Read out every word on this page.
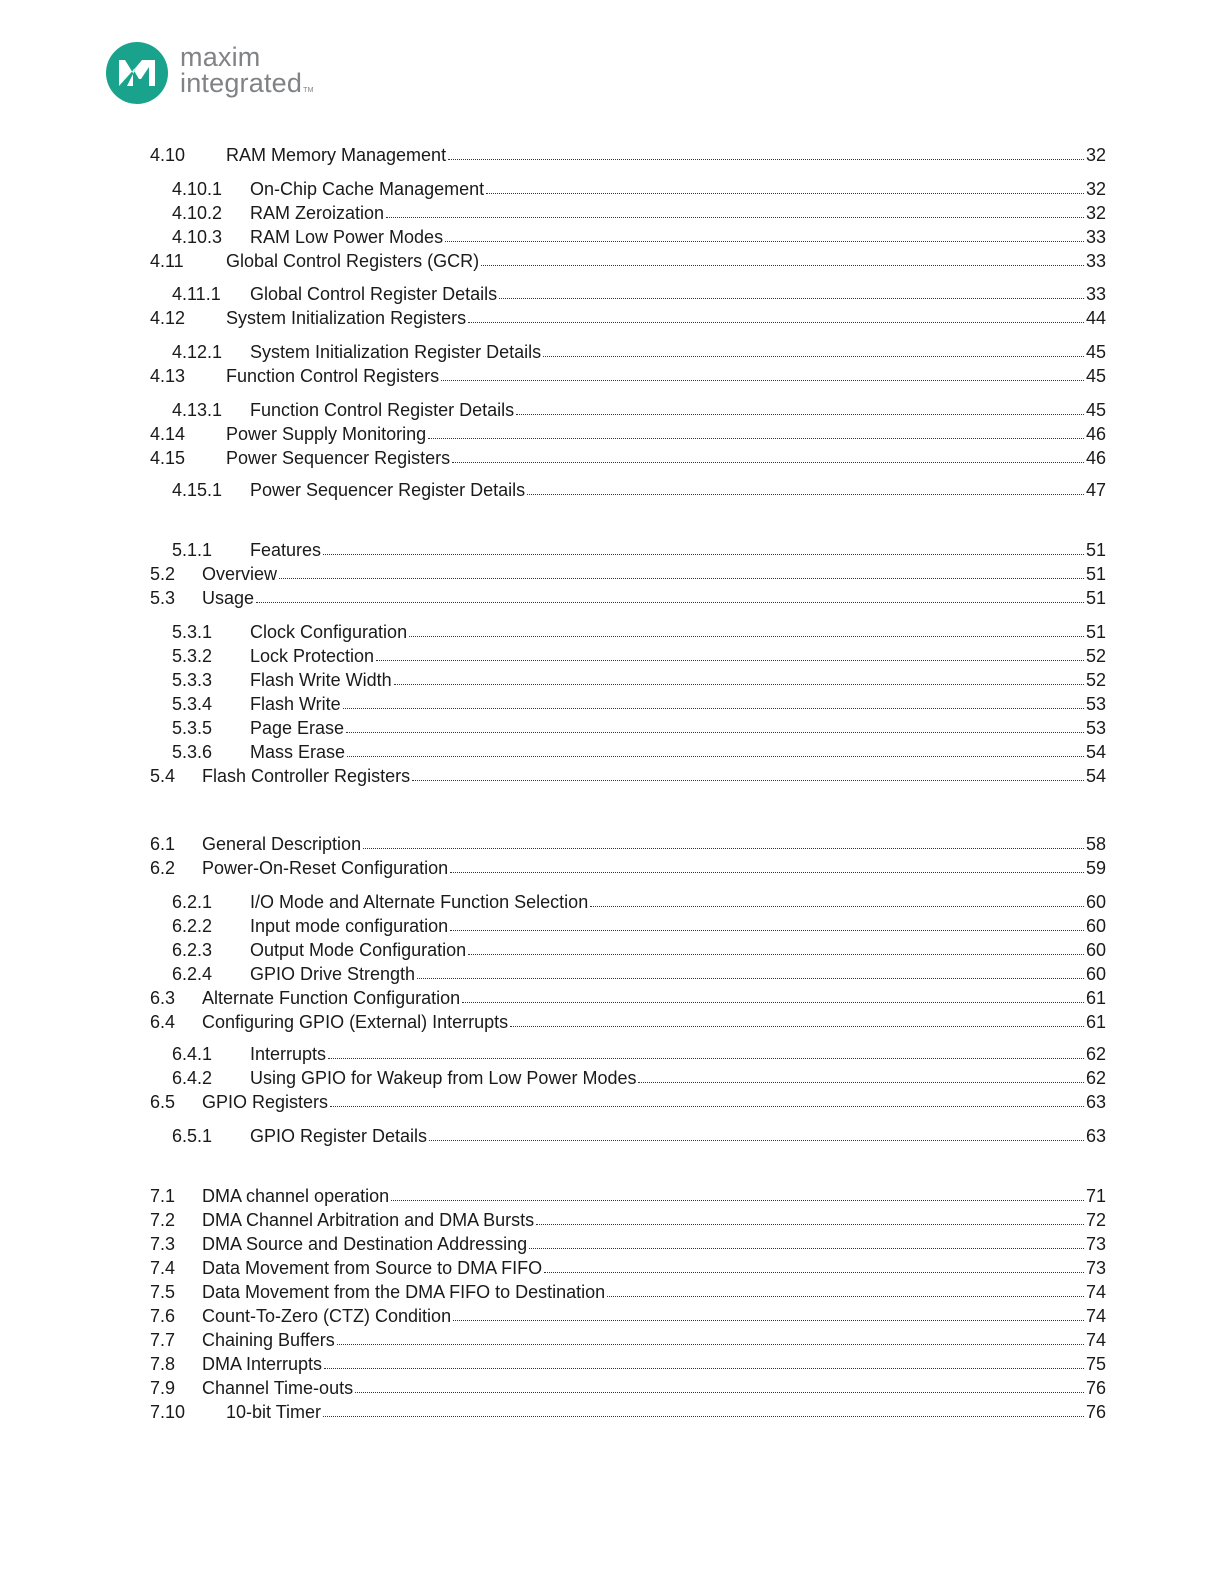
maxim
integratedTM
4.10	RAM Memory Management	32
4.10.1	On-Chip Cache Management	32
4.10.2	RAM Zeroization	32
4.10.3	RAM Low Power Modes	33
4.11	Global Control Registers (GCR)	33
4.11.1	Global Control Register Details	33
4.12	System Initialization Registers	44
4.12.1	System Initialization Register Details	45
4.13	Function Control Registers	45
4.13.1	Function Control Register Details	45
4.14	Power Supply Monitoring	46
4.15	Power Sequencer Registers	46
4.15.1	Power Sequencer Register Details	47
5.1.1	Features	51
5.2	Overview	51
5.3	Usage	51
5.3.1	Clock Configuration	51
5.3.2	Lock Protection	52
5.3.3	Flash Write Width	52
5.3.4	Flash Write	53
5.3.5	Page Erase	53
5.3.6	Mass Erase	54
5.4	Flash Controller Registers	54
6.1	General Description	58
6.2	Power-On-Reset Configuration	59
6.2.1	I/O Mode and Alternate Function Selection	60
6.2.2	Input mode configuration	60
6.2.3	Output Mode Configuration	60
6.2.4	GPIO Drive Strength	60
6.3	Alternate Function Configuration	61
6.4	Configuring GPIO (External) Interrupts	61
6.4.1	Interrupts	62
6.4.2	Using GPIO for Wakeup from Low Power Modes	62
6.5	GPIO Registers	63
6.5.1	GPIO Register Details	63
7.1	DMA channel operation	71
7.2	DMA Channel Arbitration and DMA Bursts	72
7.3	DMA Source and Destination Addressing	73
7.4	Data Movement from Source to DMA FIFO	73
7.5	Data Movement from the DMA FIFO to Destination	74
7.6	Count-To-Zero (CTZ) Condition	74
7.7	Chaining Buffers	74
7.8	DMA Interrupts	75
7.9	Channel Time-outs	76
7.10	10-bit Timer	76
